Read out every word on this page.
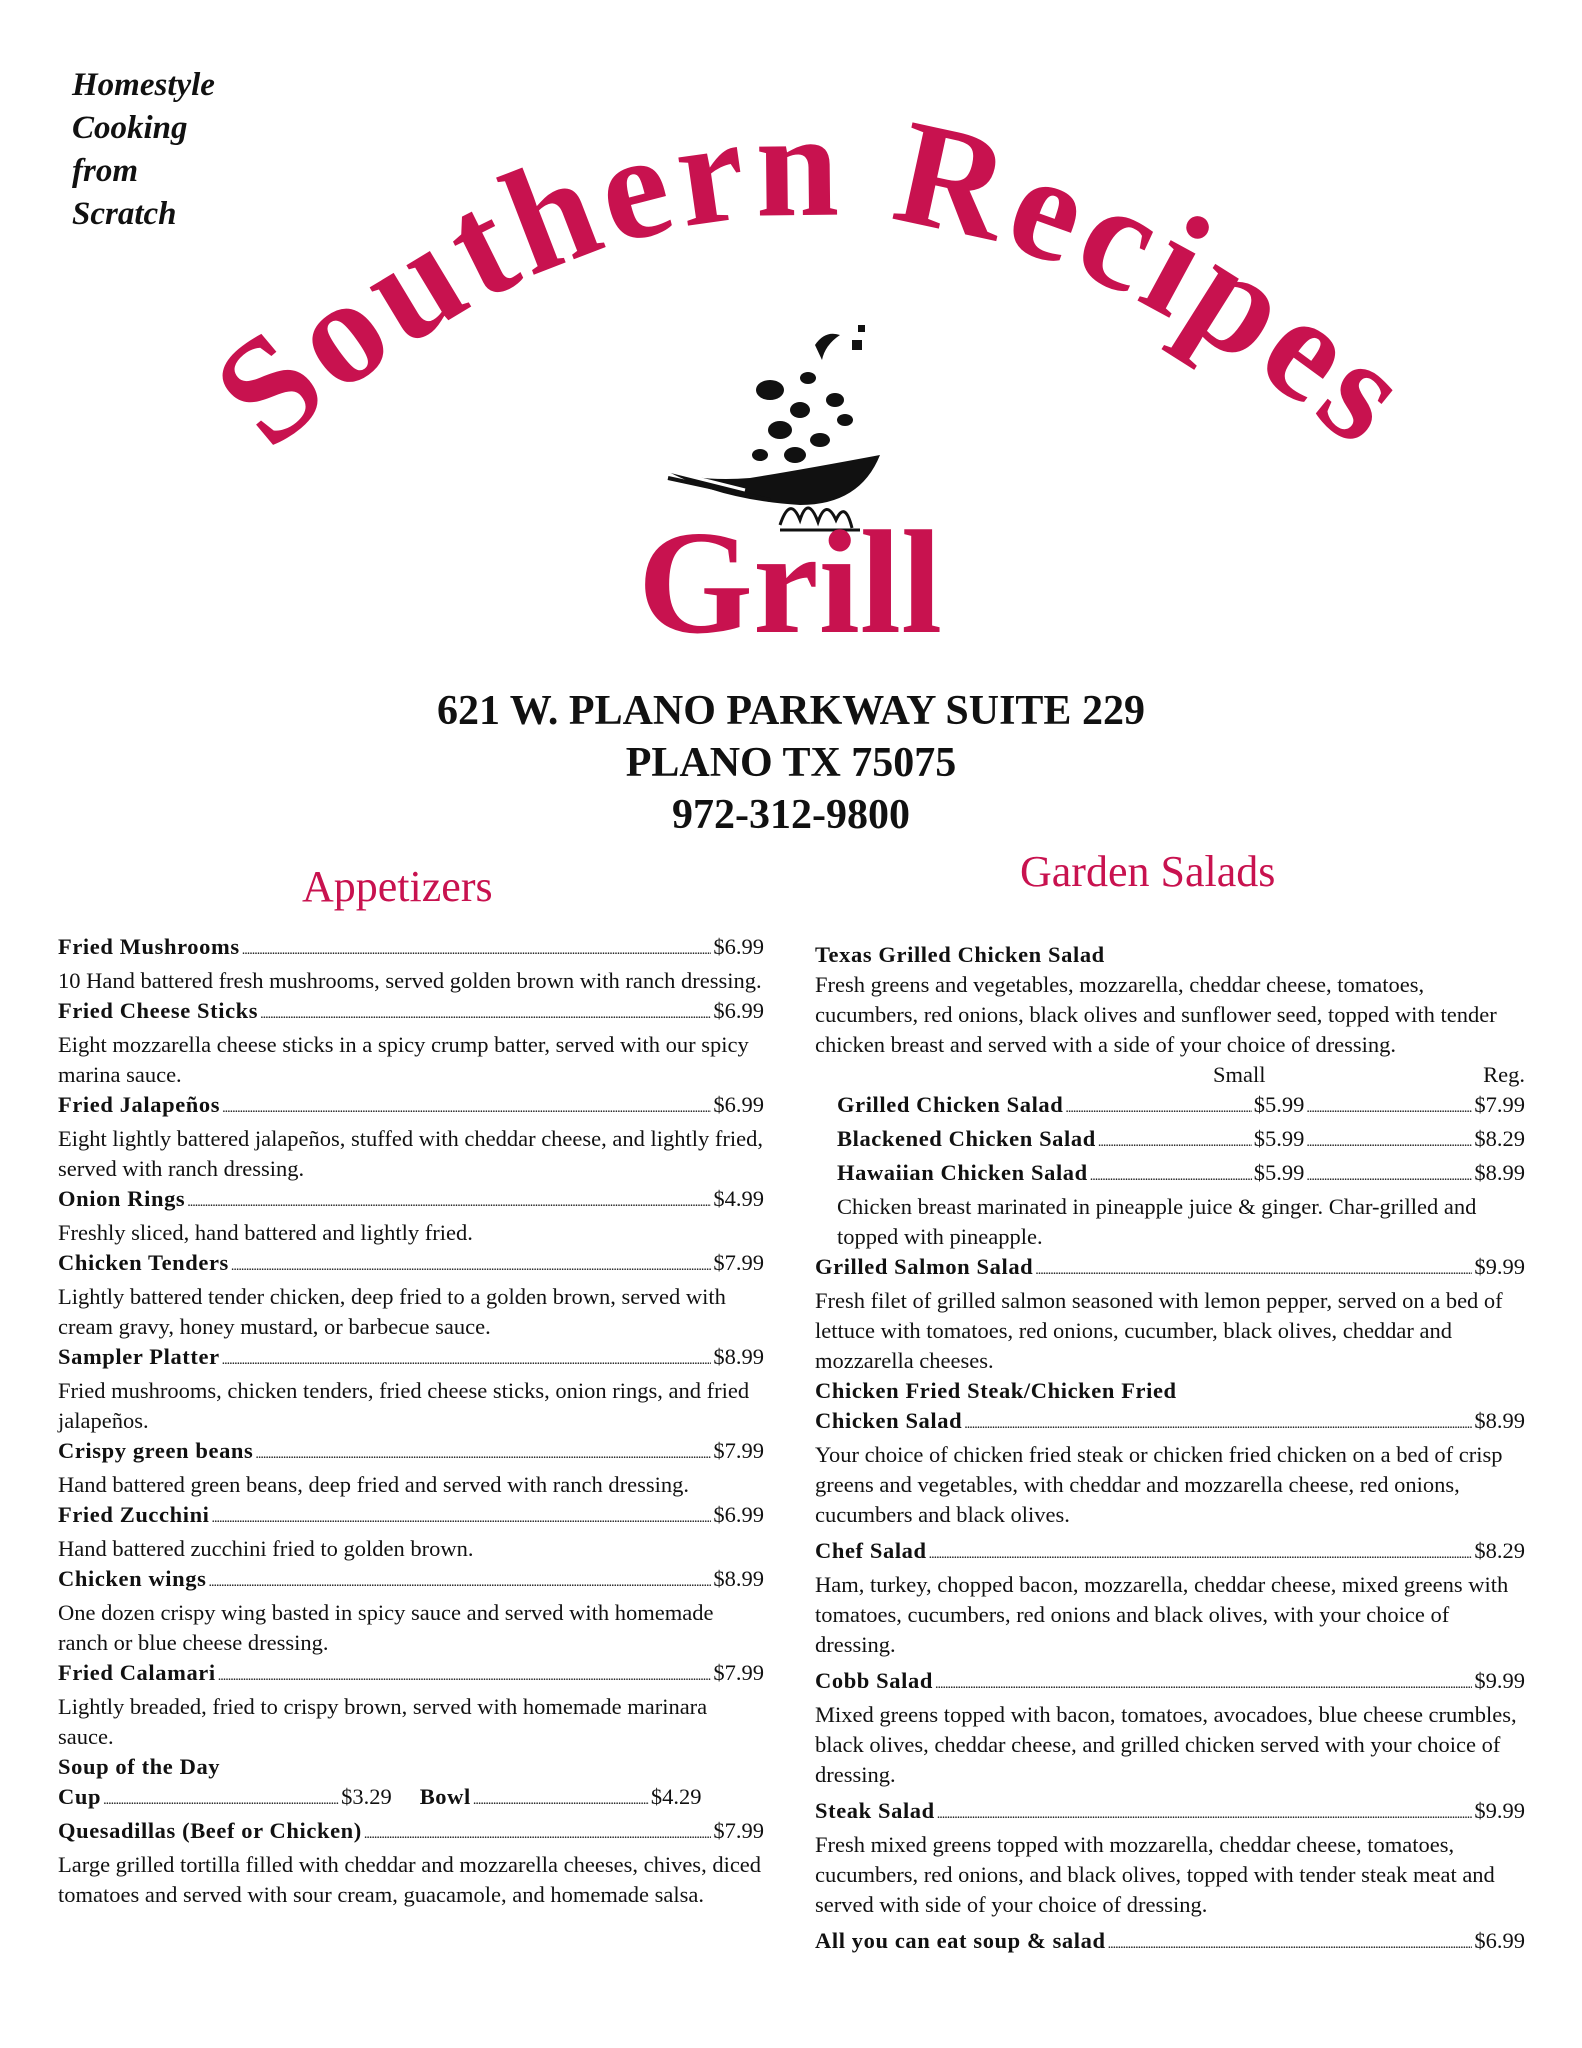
Homestyle
Cooking
from
Scratch
Southern Recipes
Grill
621 W. PLANO PARKWAY SUITE 229
PLANO TX 75075
972-312-9800
Appetizers	Garden Salads
Fried Mushrooms .....	$6.99
10 Hand battered fresh mushrooms, served golden brown with ranch dressing.
Fried Cheese Sticks .....	$6.99
Eight mozzarella cheese sticks in a spicy crump batter, served with our spicy marina sauce.
Fried Jalapeños .....	$6.99
Eight lightly battered jalapeños, stuffed with cheddar cheese, and lightly fried, served with ranch dressing.
Onion Rings .....	$4.99
Freshly sliced, hand battered and lightly fried.
Chicken Tenders .....	$7.99
Lightly battered tender chicken, deep fried to a golden brown, served with cream gravy, honey mustard, or barbecue sauce.
Sampler Platter .....	$8.99
Fried mushrooms, chicken tenders, fried cheese sticks, onion rings, and fried jalapeños.
Crispy green beans .....	$7.99
Hand battered green beans, deep fried and served with ranch dressing.
Fried Zucchini .....	$6.99
Hand battered zucchini fried to golden brown.
Chicken wings .....	$8.99
One dozen crispy wing basted in spicy sauce and served with homemade ranch or blue cheese dressing.
Fried Calamari .....	$7.99
Lightly breaded, fried to crispy brown, served with homemade marinara sauce.
Soup of the Day
Cup .....	$3.29 Bowl .....	$4.29
Quesadillas (Beef or Chicken) .....	$7.99
Large grilled tortilla filled with cheddar and mozzarella cheeses, chives, diced tomatoes and served with sour cream, guacamole, and homemade salsa.
Texas Grilled Chicken Salad
Fresh greens and vegetables, mozzarella, cheddar cheese, tomatoes, cucumbers, red onions, black olives and sunflower seed, topped with tender chicken breast and served with a side of your choice of dressing.
Small	Reg.
Grilled Chicken Salad .....	$5.99 .....	$7.99
Blackened Chicken Salad .....	$5.99 .....	$8.29
Hawaiian Chicken Salad .....	$5.99 .....	$8.99
Chicken breast marinated in pineapple juice & ginger. Char-grilled and topped with pineapple.
Grilled Salmon Salad .....	$9.99
Fresh filet of grilled salmon seasoned with lemon pepper, served on a bed of lettuce with tomatoes, red onions, cucumber, black olives, cheddar and mozzarella cheeses.
Chicken Fried Steak/Chicken Fried
Chicken Salad .....	$8.99
Your choice of chicken fried steak or chicken fried chicken on a bed of crisp greens and vegetables, with cheddar and mozzarella cheese, red onions, cucumbers and black olives.
Chef Salad .....	$8.29
Ham, turkey, chopped bacon, mozzarella, cheddar cheese, mixed greens with tomatoes, cucumbers, red onions and black olives, with your choice of dressing.
Cobb Salad .....	$9.99
Mixed greens topped with bacon, tomatoes, avocadoes, blue cheese crumbles, black olives, cheddar cheese, and grilled chicken served with your choice of dressing.
Steak Salad .....	$9.99
Fresh mixed greens topped with mozzarella, cheddar cheese, tomatoes, cucumbers, red onions, and black olives, topped with tender steak meat and served with side of your choice of dressing.
All you can eat soup & salad .....	$6.99
